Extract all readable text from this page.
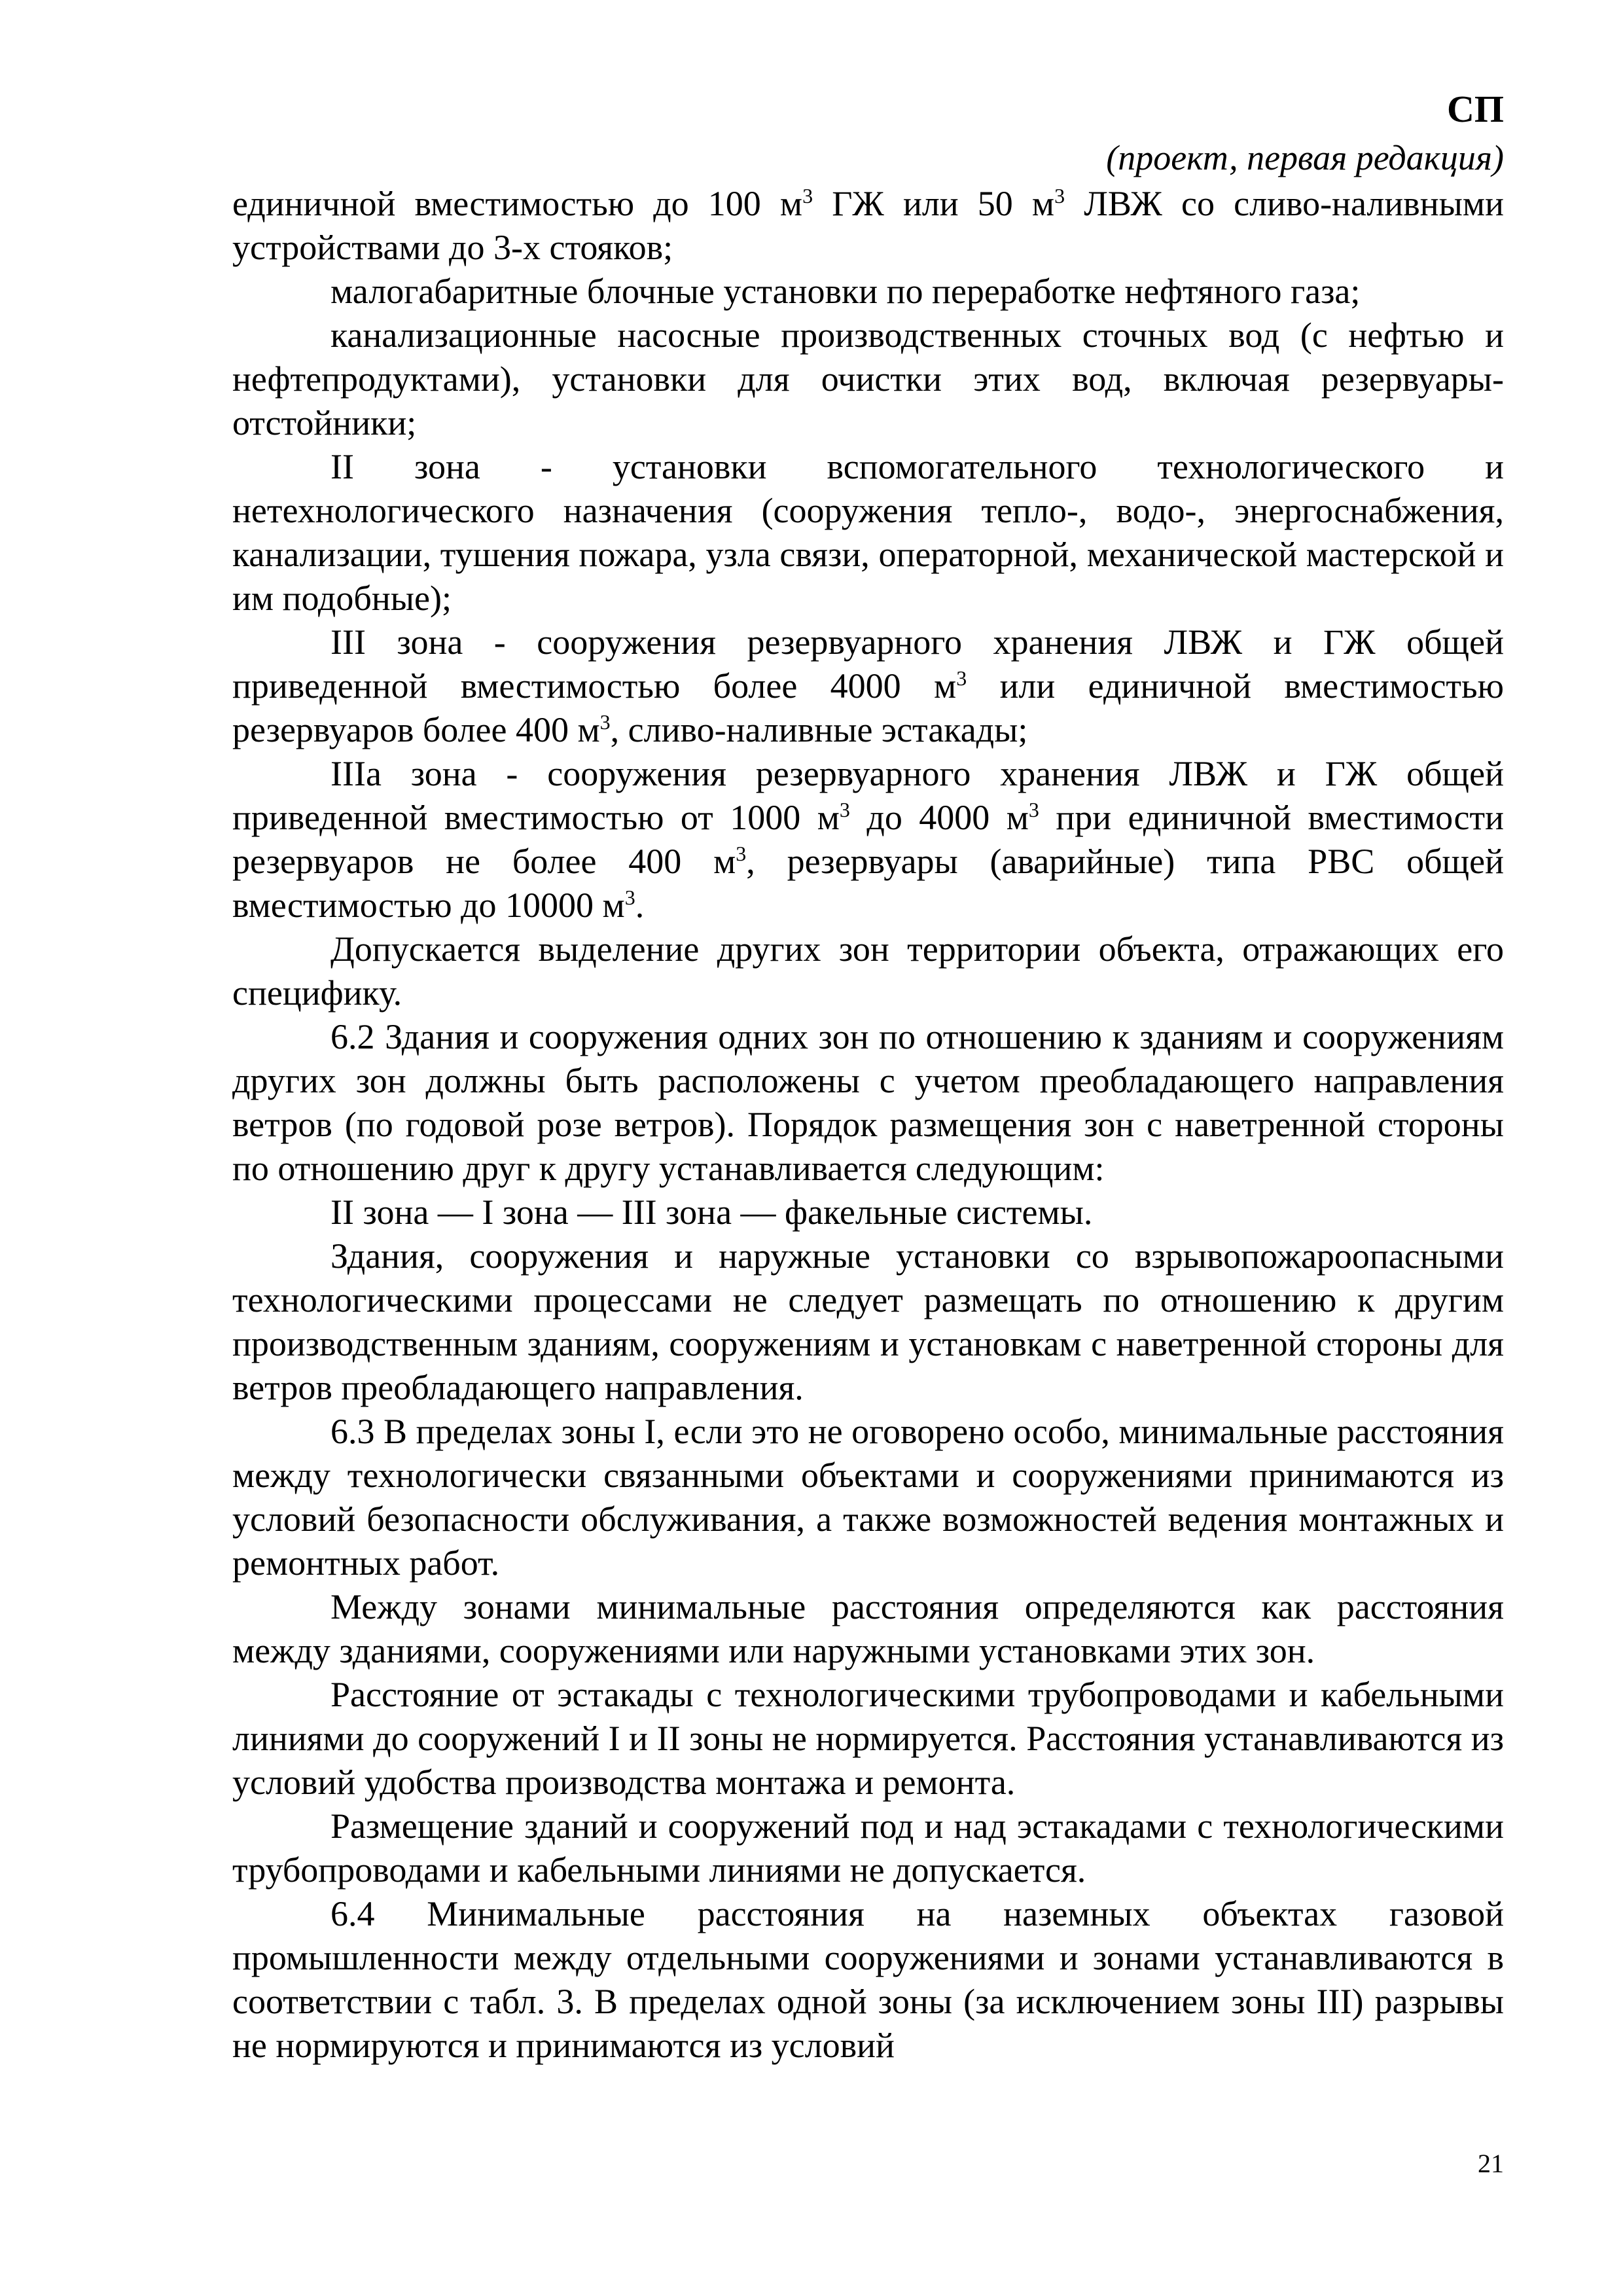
СП
(проект, первая редакция)

единичной вместимостью до 100 $м^3$ ГЖ или 50 $м^3$ ЛВЖ со сливо-наливными устройствами до 3-х стояков;

малогабаритные блочные установки по переработке нефтяного газа;

канализационные насосные производственных сточных вод (с нефтью и нефтепродуктами), установки для очистки этих вод, включая резервуары-отстойники;

II зона - установки вспомогательного технологического и нетехнологического назначения (сооружения тепло-, водо-, энергоснабжения, канализации, тушения пожара, узла связи, операторной, механической мастерской и им подобные);

III зона - сооружения резервуарного хранения ЛВЖ и ГЖ общей приведенной вместимостью более 4000 $м^3$ или единичной вместимостью резервуаров более 400 $м^3$, сливо-наливные эстакады;

IIIа зона - сооружения резервуарного хранения ЛВЖ и ГЖ общей приведенной вместимостью от 1000 $м^3$ до 4000 $м^3$ при единичной вместимости резервуаров не более 400 $м^3$, резервуары (аварийные) типа РВС общей вместимостью до 10000 $м^3$.

Допускается выделение других зон территории объекта, отражающих его специфику.

6.2 Здания и сооружения одних зон по отношению к зданиям и сооружениям других зон должны быть расположены с учетом преобладающего направления ветров (по годовой розе ветров). Порядок размещения зон с наветренной стороны по отношению друг к другу устанавливается следующим:

II зона — I зона — III зона — факельные системы.

Здания, сооружения и наружные установки со взрывопожароопасными технологическими процессами не следует размещать по отношению к другим производственным зданиям, сооружениям и установкам с наветренной стороны для ветров преобладающего направления.

6.3 В пределах зоны I, если это не оговорено особо, минимальные расстояния между технологически связанными объектами и сооружениями принимаются из условий безопасности обслуживания, а также возможностей ведения монтажных и ремонтных работ.

Между зонами минимальные расстояния определяются как расстояния между зданиями, сооружениями или наружными установками этих зон.

Расстояние от эстакады с технологическими трубопроводами и кабельными линиями до сооружений I и II зоны не нормируется. Расстояния устанавливаются из условий удобства производства монтажа и ремонта.

Размещение зданий и сооружений под и над эстакадами с технологическими трубопроводами и кабельными линиями не допускается.

6.4 Минимальные расстояния на наземных объектах газовой промышленности между отдельными сооружениями и зонами устанавливаются в соответствии с табл. 3. В пределах одной зоны (за исключением зоны III) разрывы не нормируются и принимаются из условий

21
